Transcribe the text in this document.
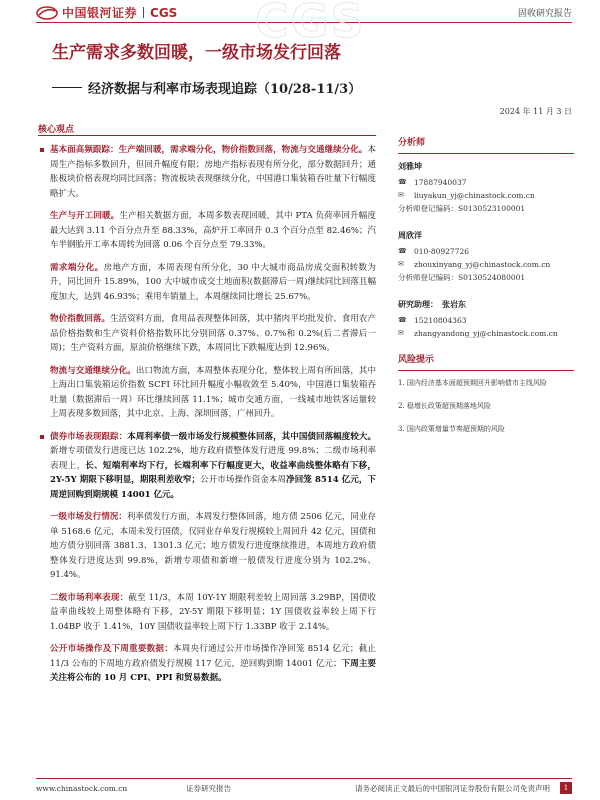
中国银河证券 CGS	固收研究报告
CGS
生产需求多数回暖，一级市场发行回落
经济数据与利率市场表现追踪（10/28-11/3）
2024 年 11 月 3 日
核心观点
基本面高频跟踪：生产端回暖，需求端分化，物价指数回落，物流与交通继续分化。本周生产指标多数回升，但回升幅度有限；房地产指标表现有所分化，部分数据回升；通胀板块价格表现均同比回落；物流板块表现继续分化，中国港口集装箱吞吐量下行幅度略扩大。
生产与开工回暖。生产相关数据方面，本周多数表现回暖，其中 PTA 负荷率回升幅度最大达到 3.11 个百分点升至 88.33%，高炉开工率回升 0.3 个百分点至 82.46%；汽车半钢胎开工率本周转为回落 0.06 个百分点至 79.33%。
需求端分化。房地产方面，本周表现有所分化，30 中大城市商品房成交面积转数为升，同比回升 15.89%，100 大中城市成交土地面积(数据滞后一周)继续同比回落且幅度加大，达到 46.93%；乘用车销量上，本周继续同比增长 25.67%。
物价指数回落。生活资料方面，食用品表现整体回落，其中猪肉平均批发价、食用农产品价格指数和生产资料价格指数环比分别回落 0.37%、0.7%和 0.2%(后二者滞后一周)；生产资料方面，原油价格继续下跌，本周同比下跌幅度达到 12.96%。
物流与交通继续分化。出口物流方面，本周整体表现分化，整体较上周有所回落，其中上海出口集装箱运价指数 SCFI 环比回升幅度小幅收敛至 5.40%，中国港口集装箱吞吐量（数据滞后一周）环比继续回落 11.1%；城市交通方面，一线城市地铁客运量较上周表现多数回落，其中北京、上海、深圳回落，广州回升。
债券市场表现跟踪：本周利率债一级市场发行规模整体回落，其中国债回落幅度较大。新增专项债发行进度已达 102.2%，地方政府债整体发行进度 99.8%；二级市场利率表现上，长、短端利率均下行，长端利率下行幅度更大，收益率曲线整体略有下移，2Y-5Y 期限下移明显，期限利差收窄；公开市场操作资金本周净回笼 8514 亿元，下周逆回购到期规模 14001 亿元。
一级市场发行情况：利率债发行方面，本周发行整体回落，地方债 2506 亿元，同业存单 5168.6 亿元，本周未发行国债，仅同业存单发行规模较上周回升 42 亿元，国债和地方债分别回落 3881.3、1301.3 亿元；地方债发行进度继续推进，本周地方政府债整体发行进度达到 99.8%，新增专项债和新增一般债发行进度分别为 102.2%、91.4%。
二级市场利率表现：截至 11/3，本周 10Y-1Y 期限利差较上周回落 3.29BP，国债收益率曲线较上周整体略有下移，2Y-5Y 期限下移明显；1Y 国债收益率较上周下行 1.04BP 收于 1.41%，10Y 国债收益率较上周下行 1.33BP 收于 2.14%。
公开市场操作及下周重要数据：本周央行通过公开市场操作净回笼 8514 亿元；截止 11/3 公布的下周地方政府债发行规模 117 亿元，逆回购到期 14001 亿元；下周主要关注将公布的 10 月 CPI、PPI 和贸易数据。
分析师
刘雅坤
☎ 17887940037
✉	liuyakun_yj@chinastock.com.cn
分析师登记编码：S0130523100001
周欣洋
☎ 010-80927726
✉	zhouxinyang_yj@chinastock.com.cn
分析师登记编码：S0130524080001
研究助理： 张岩东
☎ 15210804363
✉	zhangyandong_yj@chinastock.com.cn
风险提示
1. 国内经济基本面超预期回升影响债市主线风险
2. 稳增长政策超预期落地风险
3. 国内政策增量节奏超预期的风险
www.chinastock.com.cn	证券研究报告	请务必阅读正文最后的中国银河证券股份有限公司免责声明	1
